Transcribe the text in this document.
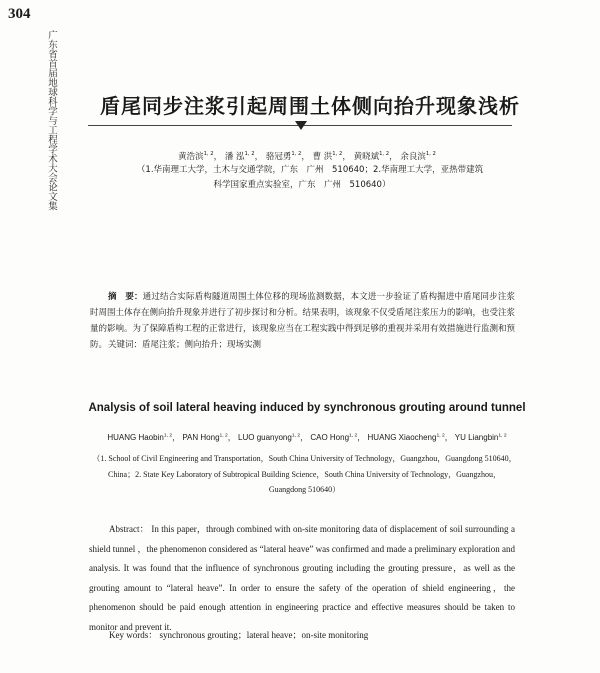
304
广东省首届地球科学与工程学术大会论文集	盾尾同步注浆引起周围土体侧向抬升现象浅析
黄浩滨$^{1, 2}$， 潘 泓$^{1, 2}$， 骆冠勇$^{1, 2}$， 曹 洪$^{1, 2}$， 黄晓斌$^{1, 2}$， 余良滨$^{1, 2}$
（1.华南理工大学，土木与交通学院，广东　广州　510640；2.华南理工大学，亚热带建筑
科学国家重点实验室，广东　广州　510640）
摘　要：通过结合实际盾构隧道周围土体位移的现场监测数据，本文进一步验证了盾构掘进中盾尾同步注浆时周围土体存在侧向抬升现象并进行了初步探讨和分析。结果表明，该现象不仅受盾尾注浆压力的影响，也受注浆量的影响。为了保障盾构工程的正常进行，该现象应当在工程实践中得到足够的重视并采用有效措施进行监测和预防。 关键词：盾尾注浆；侧向抬升；现场实测
Analysis of soil lateral heaving induced by synchronous grouting around tunnel
HUANG Haobin$^{1, 2}$， PAN Hong$^{1, 2}$， LUO guanyong$^{1, 2}$， CAO Hong$^{1, 2}$， HUANG Xiaocheng$^{1, 2}$， YU Liangbin$^{1, 2}$
（1. School of Civil Engineering and Transportation，South China University of Technology，Guangzhou，Guangdong 510640，China；2. State Key Laboratory of Subtropical Building Science，South China University of Technology，Guangzhou，Guangdong 510640）
Abstract： In this paper，through combined with on-site monitoring data of displacement of soil surrounding a shield tunnel ，the phenomenon considered as “lateral heave” was confirmed and made a preliminary exploration and analysis. It was found that the influence of synchronous grouting including the grouting pressure，as well as the grouting amount to “lateral heave”. In order to ensure the safety of the operation of shield engineering，the phenomenon should be paid enough attention in engineering practice and effective measures should be taken to monitor and prevent it.
Key words： synchronous grouting；lateral heave；on-site monitoring
